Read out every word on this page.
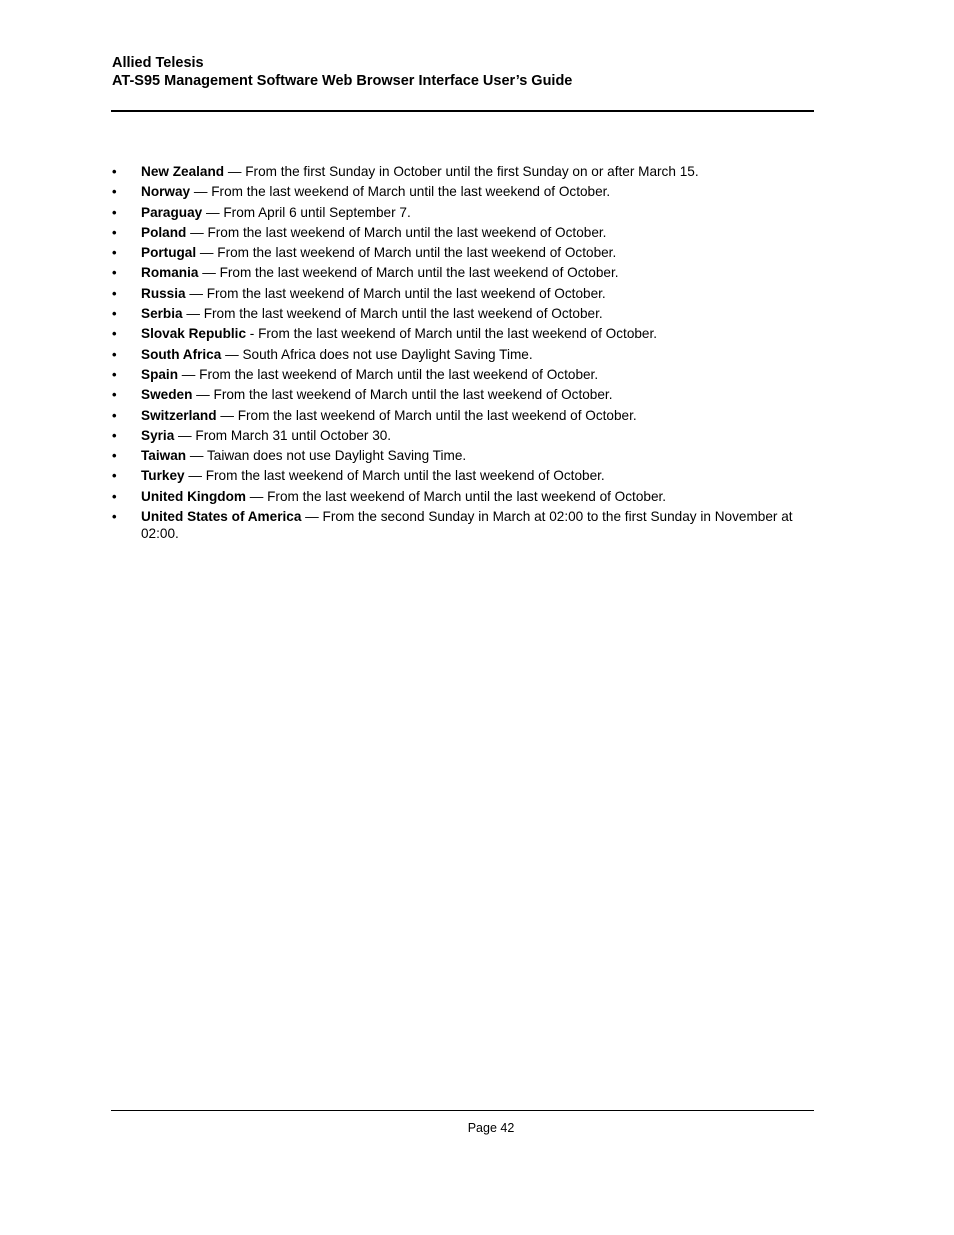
Allied Telesis
AT-S95 Management Software Web Browser Interface User’s Guide
• New Zealand — From the first Sunday in October until the first Sunday on or after March 15.
• Norway — From the last weekend of March until the last weekend of October.
• Paraguay — From April 6 until September 7.
• Poland — From the last weekend of March until the last weekend of October.
• Portugal — From the last weekend of March until the last weekend of October.
• Romania — From the last weekend of March until the last weekend of October.
• Russia — From the last weekend of March until the last weekend of October.
• Serbia — From the last weekend of March until the last weekend of October.
• Slovak Republic - From the last weekend of March until the last weekend of October.
• South Africa — South Africa does not use Daylight Saving Time.
• Spain — From the last weekend of March until the last weekend of October.
• Sweden — From the last weekend of March until the last weekend of October.
• Switzerland — From the last weekend of March until the last weekend of October.
• Syria — From March 31 until October 30.
• Taiwan — Taiwan does not use Daylight Saving Time.
• Turkey — From the last weekend of March until the last weekend of October.
• United Kingdom — From the last weekend of March until the last weekend of October.
• United States of America — From the second Sunday in March at 02:00 to the first Sunday in November at 02:00.
Page 42
